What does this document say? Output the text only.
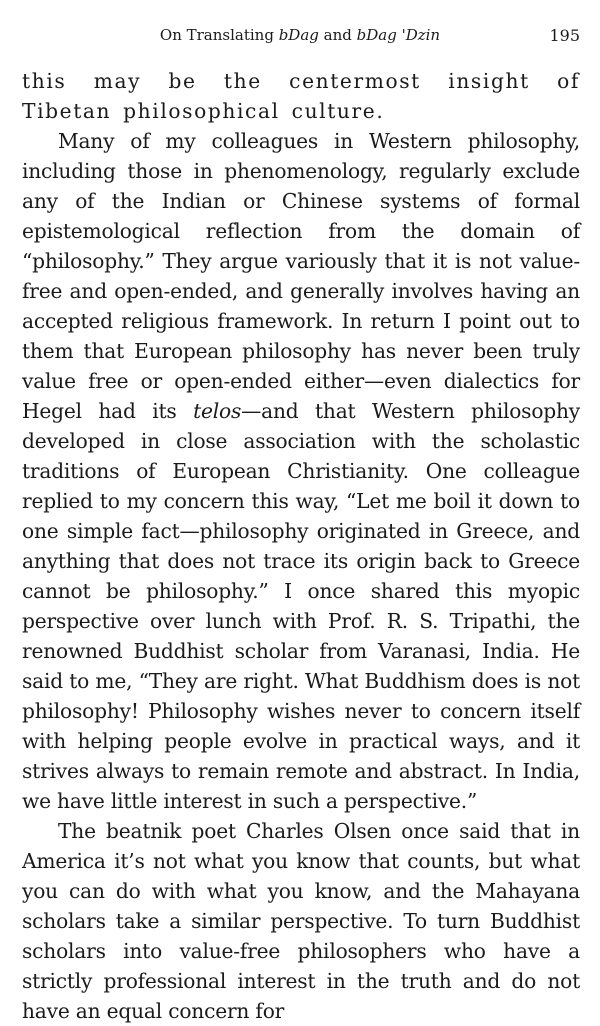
On Translating bDag and bDag 'Dzin	195

this may be the centermost insight of Tibetan philosophical culture.

Many of my colleagues in Western philosophy, including those in phenomenology, regularly exclude any of the Indian or Chinese systems of formal epistemological reflection from the domain of “philosophy.” They argue variously that it is not value-free and open-ended, and generally involves having an accepted religious framework. In return I point out to them that European philosophy has never been truly value free or open-ended either—even dialectics for Hegel had its telos—and that Western philosophy developed in close association with the scholastic traditions of European Christianity. One colleague replied to my concern this way, “Let me boil it down to one simple fact—philosophy originated in Greece, and anything that does not trace its origin back to Greece cannot be philosophy.” I once shared this myopic perspective over lunch with Prof. R. S. Tripathi, the renowned Buddhist scholar from Varanasi, India. He said to me, “They are right. What Buddhism does is not philosophy! Philosophy wishes never to concern itself with helping people evolve in practical ways, and it strives always to remain remote and abstract. In India, we have little interest in such a perspective.”

The beatnik poet Charles Olsen once said that in America it’s not what you know that counts, but what you can do with what you know, and the Mahayana scholars take a similar perspective. To turn Buddhist scholars into value-free philosophers who have a strictly professional interest in the truth and do not have an equal concern for
